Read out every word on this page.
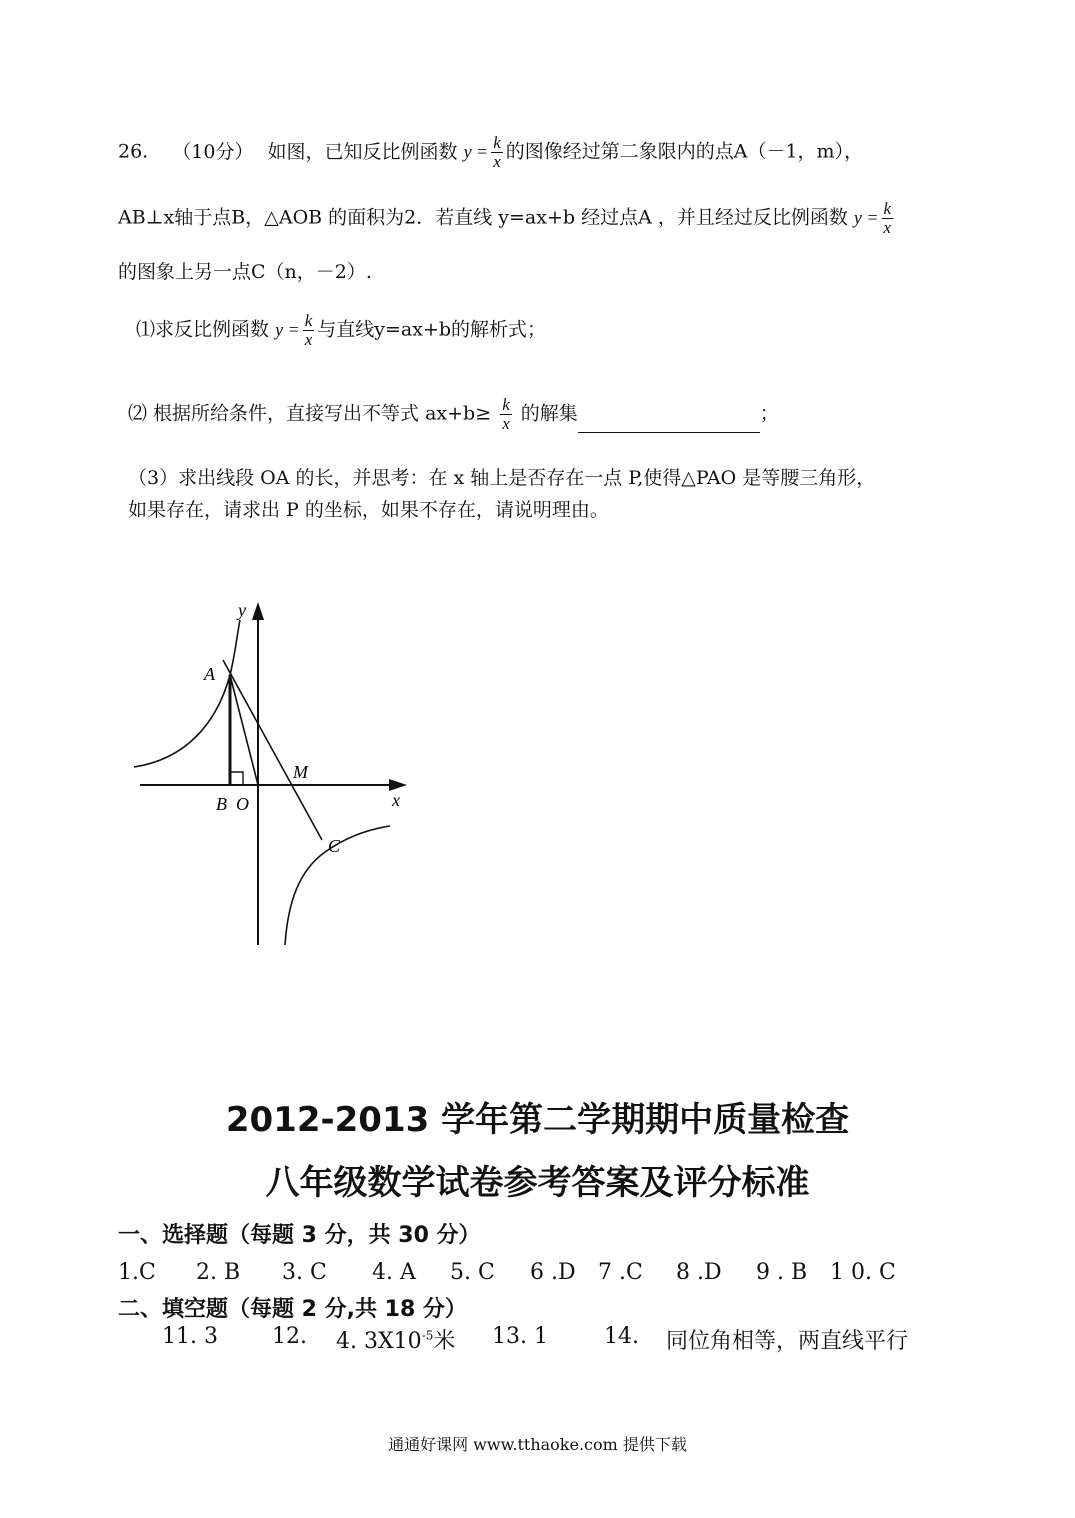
26. （10分） 如图，已知反比例函数 $y = \frac{k}{x}$ 的图像经过第二象限内的点A（－1，m），
AB⊥x轴于点B，△AOB 的面积为2．若直线 y=ax+b 经过点A ，并且经过反比例函数 $y = \frac{k}{x}$
的图象上另一点C（n，－2）.
⑴求反比例函数 $y = \frac{k}{x}$ 与直线y=ax+b的解析式；
⑵ 根据所给条件，直接写出不等式 $ax+b\ge \frac{k}{x}$ 的解集	；
（3）求出线段 OA 的长，并思考：在 x 轴上是否存在一点 P,使得△PAO 是等腰三角形，
如果存在，请求出 P 的坐标，如果不存在，请说明理由。
y
x
A
B O
M
C
2012-2013 学年第二学期期中质量检查
八年级数学试卷参考答案及评分标准
一、选择题（每题 3 分，共 30 分）
1.C 2. B 3. C 4. A 5. C 6 .D 7 .C 8 .D 9 . B 1 0. C
二、填空题（每题 2 分,共 18 分）
11. 3 12. 4. $3X10^{-5}$米 13. 1	14. 同位角相等，两直线平行
通通好课网 www.tthaoke.com 提供下载
